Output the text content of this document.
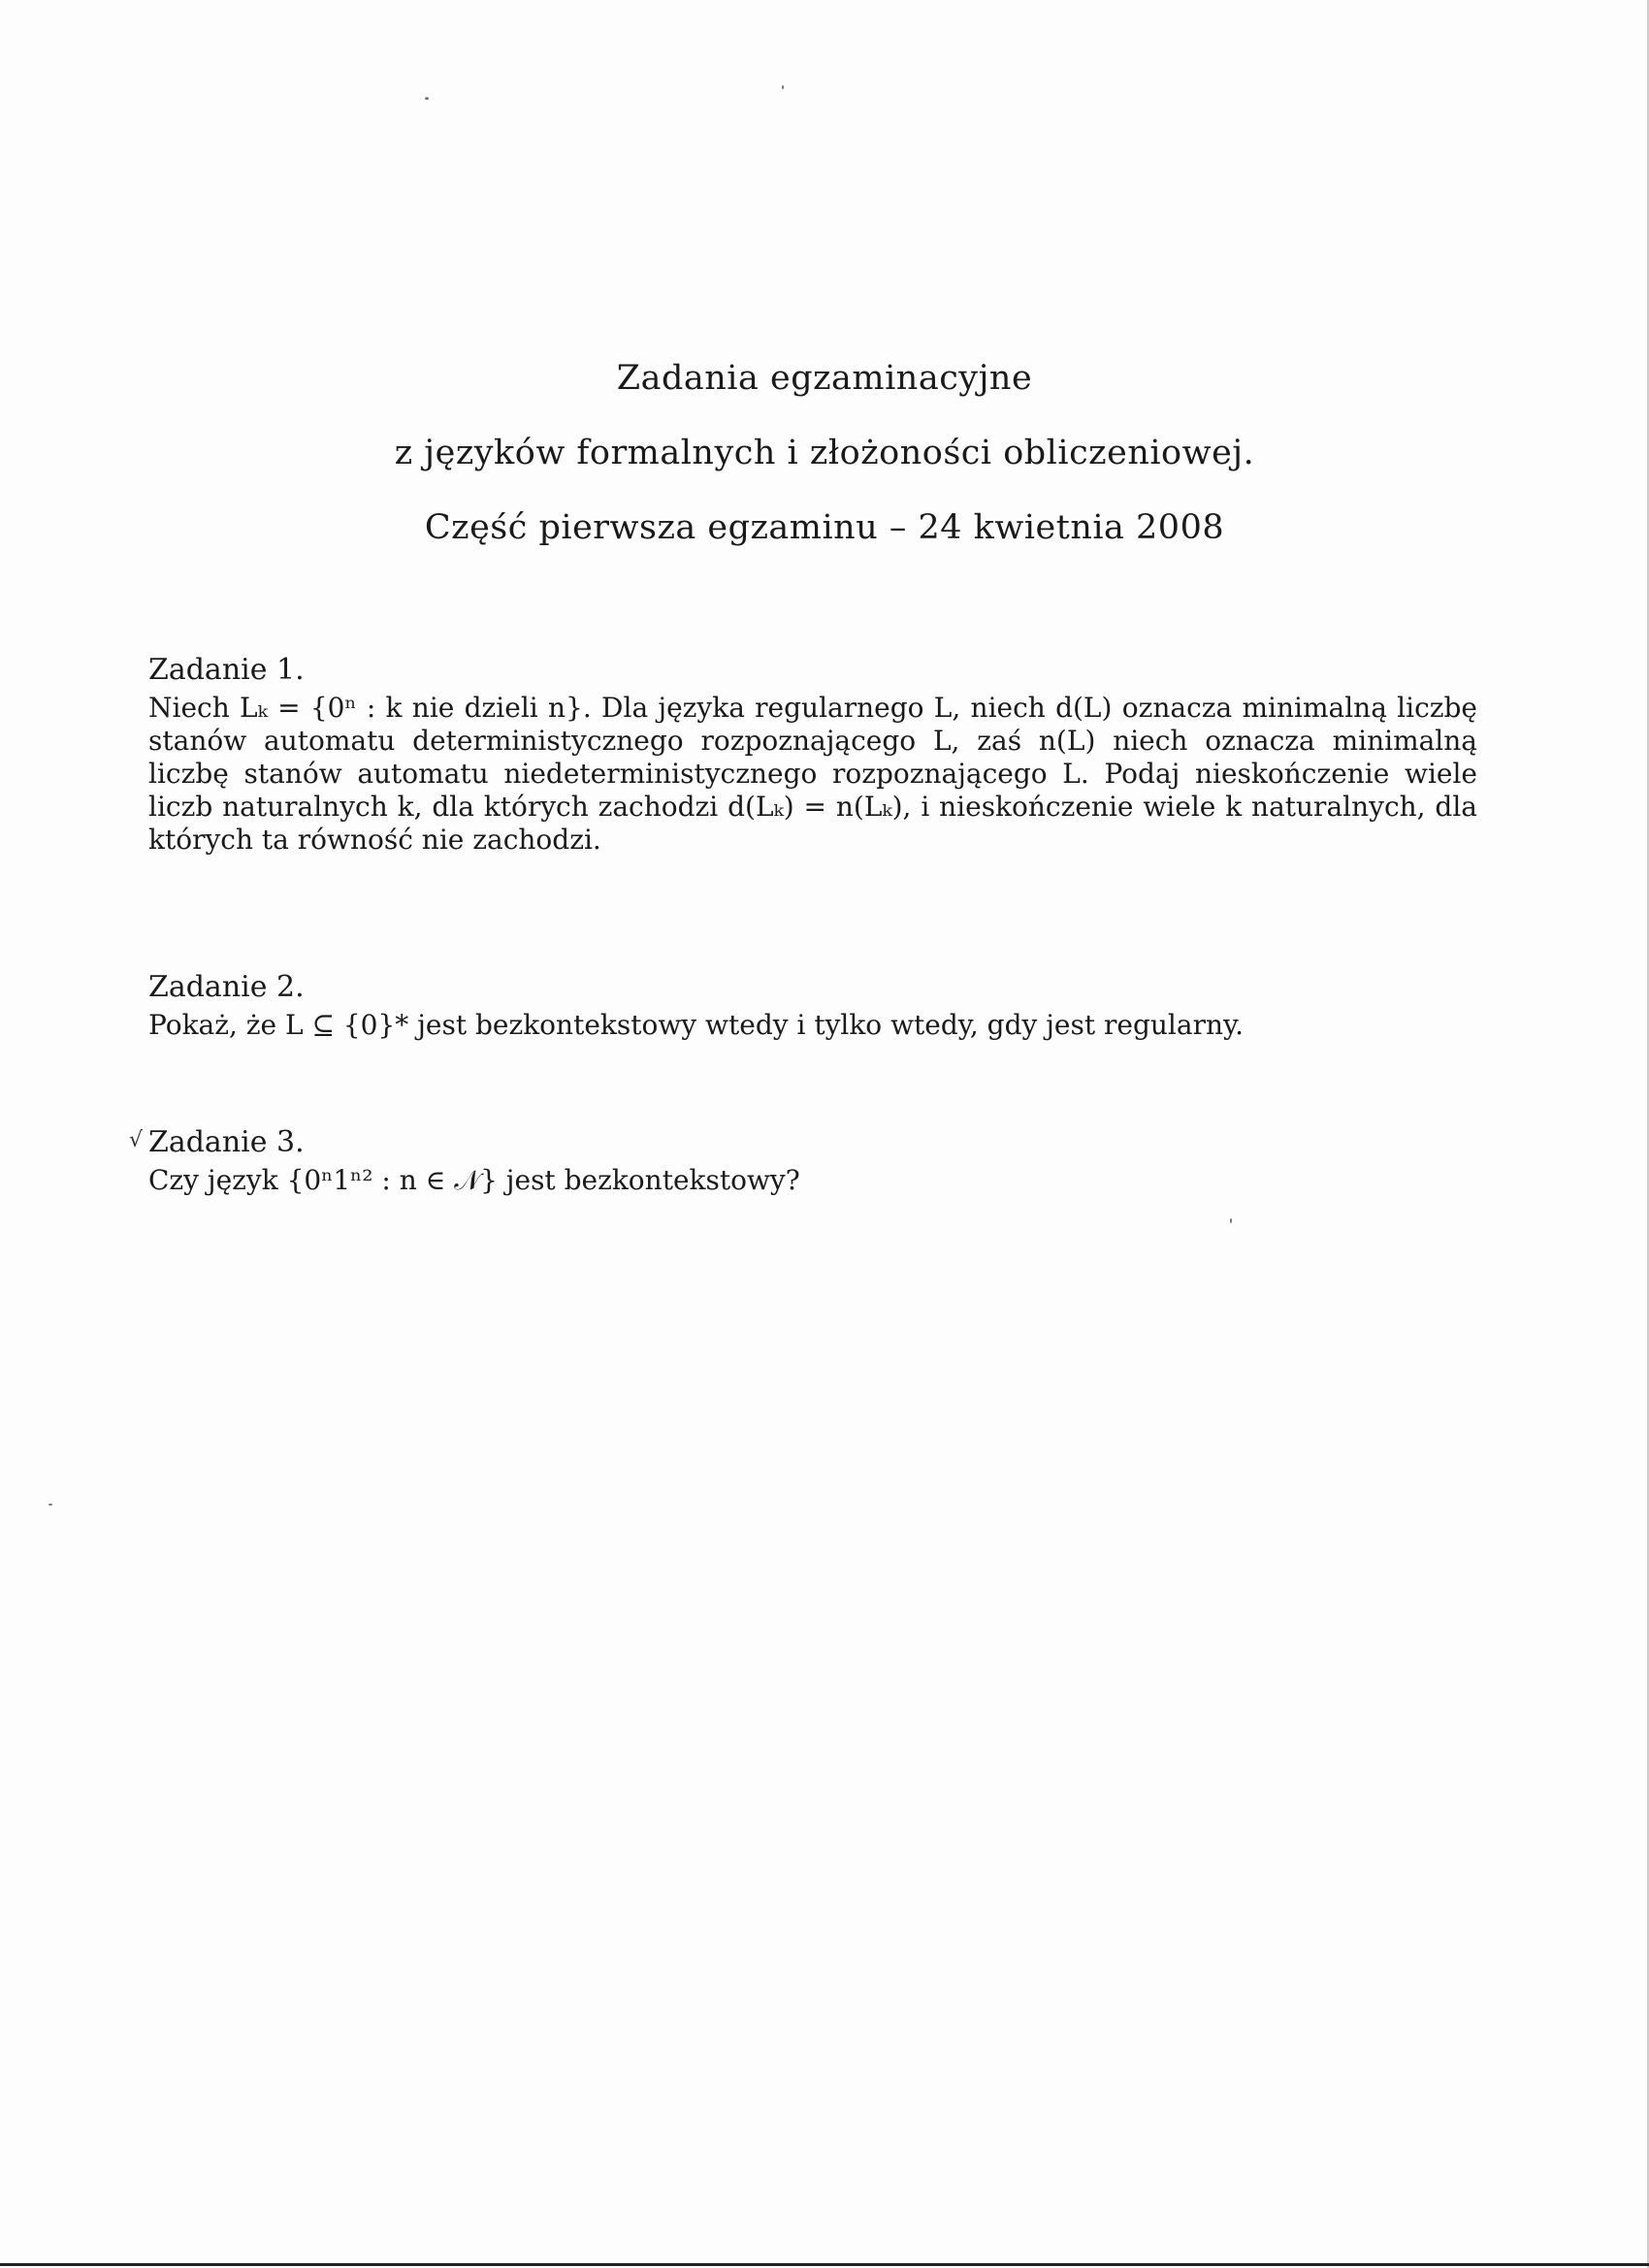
Zadania egzaminacyjne

z języków formalnych i złożoności obliczeniowej.

Część pierwsza egzaminu – 24 kwietnia 2008

Zadanie 1.

Niech Lₖ = {0ⁿ : k nie dzieli n}. Dla języka regularnego L, niech d(L) oznacza minimalną liczbę stanów automatu deterministycznego rozpoznającego L, zaś n(L) niech oznacza minimalną liczbę stanów automatu niedeterministycznego rozpoznającego L. Podaj nieskończenie wiele liczb naturalnych k, dla których zachodzi d(Lₖ) = n(Lₖ), i nieskończenie wiele k naturalnych, dla których ta równość nie zachodzi.

Zadanie 2.

Pokaż, że L ⊆ {0}* jest bezkontekstowy wtedy i tylko wtedy, gdy jest regularny.

√ Zadanie 3.

Czy język {0ⁿ1ⁿ² : n ∈ 𝒩} jest bezkontekstowy?
